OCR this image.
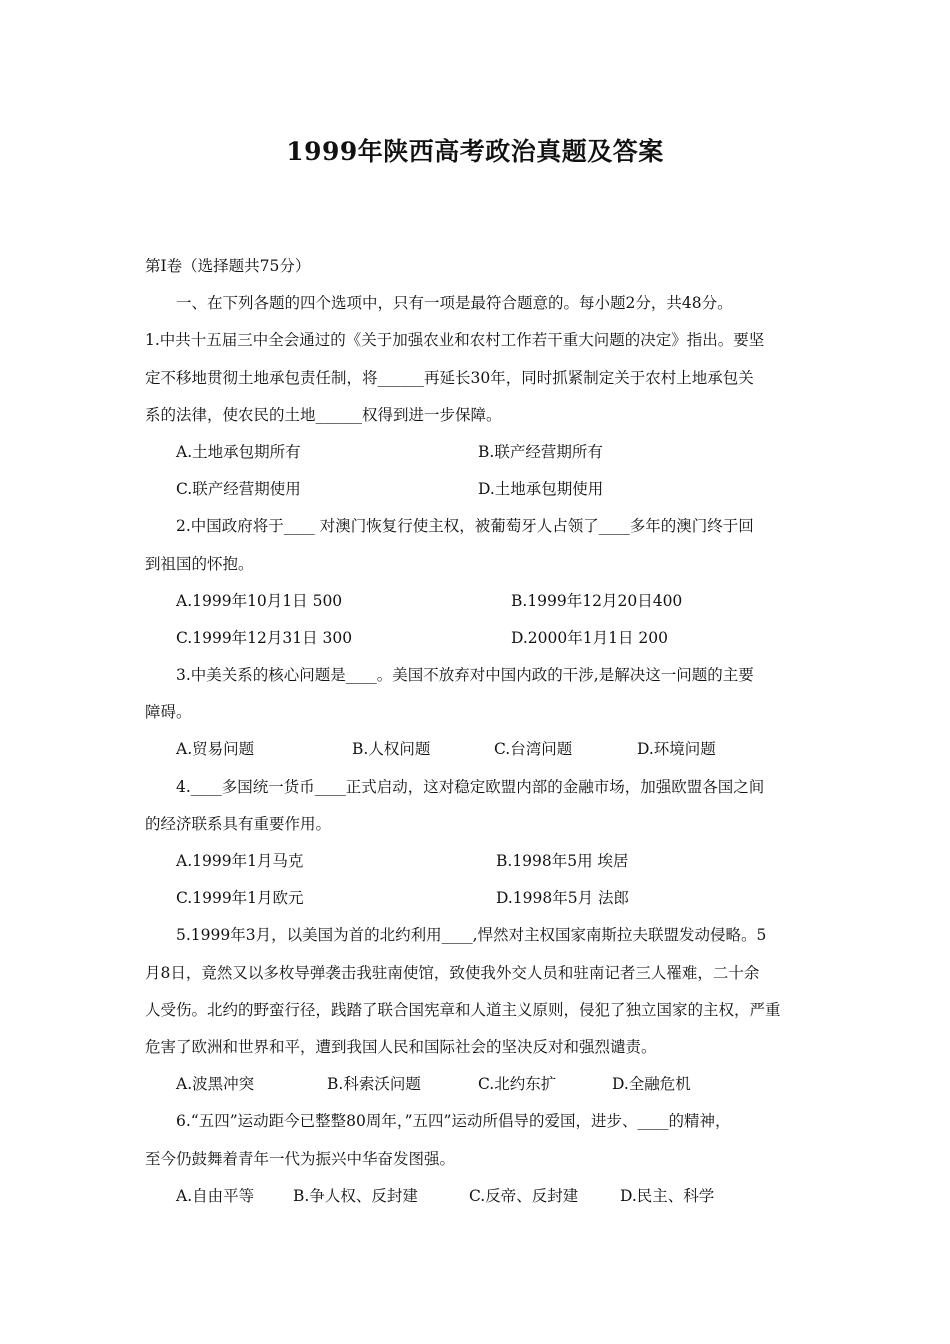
1999年陕西高考政治真题及答案
第Ⅰ卷（选择题共75分）
一、在下列各题的四个选项中，只有一项是最符合题意的。每小题2分，共48分。
1.中共十五届三中全会通过的《关于加强农业和农村工作若干重大问题的决定》指出。要坚
定不移地贯彻土地承包责任制，将______再延长30年，同时抓紧制定关于农村上地承包关
系的法律，使农民的土地______权得到进一步保障。
A.土地承包期所有	B.联产经营期所有
C.联产经营期使用	D.土地承包期使用
2.中国政府将于____ 对澳门恢复行使主权，被葡萄牙人占领了____多年的澳门终于回
到祖国的怀抱。
A.1999年10月1日 500	B.1999年12月20日400
C.1999年12月31日 300	D.2000年1月1日 200
3.中美关系的核心问题是____。美国不放弃对中国内政的干涉,是解决这一问题的主要
障碍。
A.贸易问题	B.人权问题	C.台湾问题	D.环境问题
4.____多国统一货币____正式启动，这对稳定欧盟内部的金融市场，加强欧盟各国之间
的经济联系具有重要作用。
A.1999年1月马克	B.1998年5用 埃居
C.1999年1月欧元	D.1998年5月 法郎
5.1999年3月，以美国为首的北约利用____,悍然对主权国家南斯拉夫联盟发动侵略。5
月8日，竟然又以多枚导弹袭击我驻南使馆，致使我外交人员和驻南记者三人罹难，二十余
人受伤。北约的野蛮行径，践踏了联合国宪章和人道主义原则，侵犯了独立国家的主权，严重
危害了欧洲和世界和平，遭到我国人民和国际社会的坚决反对和强烈谴责。
A.波黑冲突	B.科索沃问题	C.北约东扩	D.全融危机
6.“五四”运动距今已整整80周年，”五四”运动所倡导的爱国，进步、____的精神，
至今仍鼓舞着青年一代为振兴中华奋发图强。
A.自由平等	B.争人权、反封建	C.反帝、反封建	D.民主、科学
